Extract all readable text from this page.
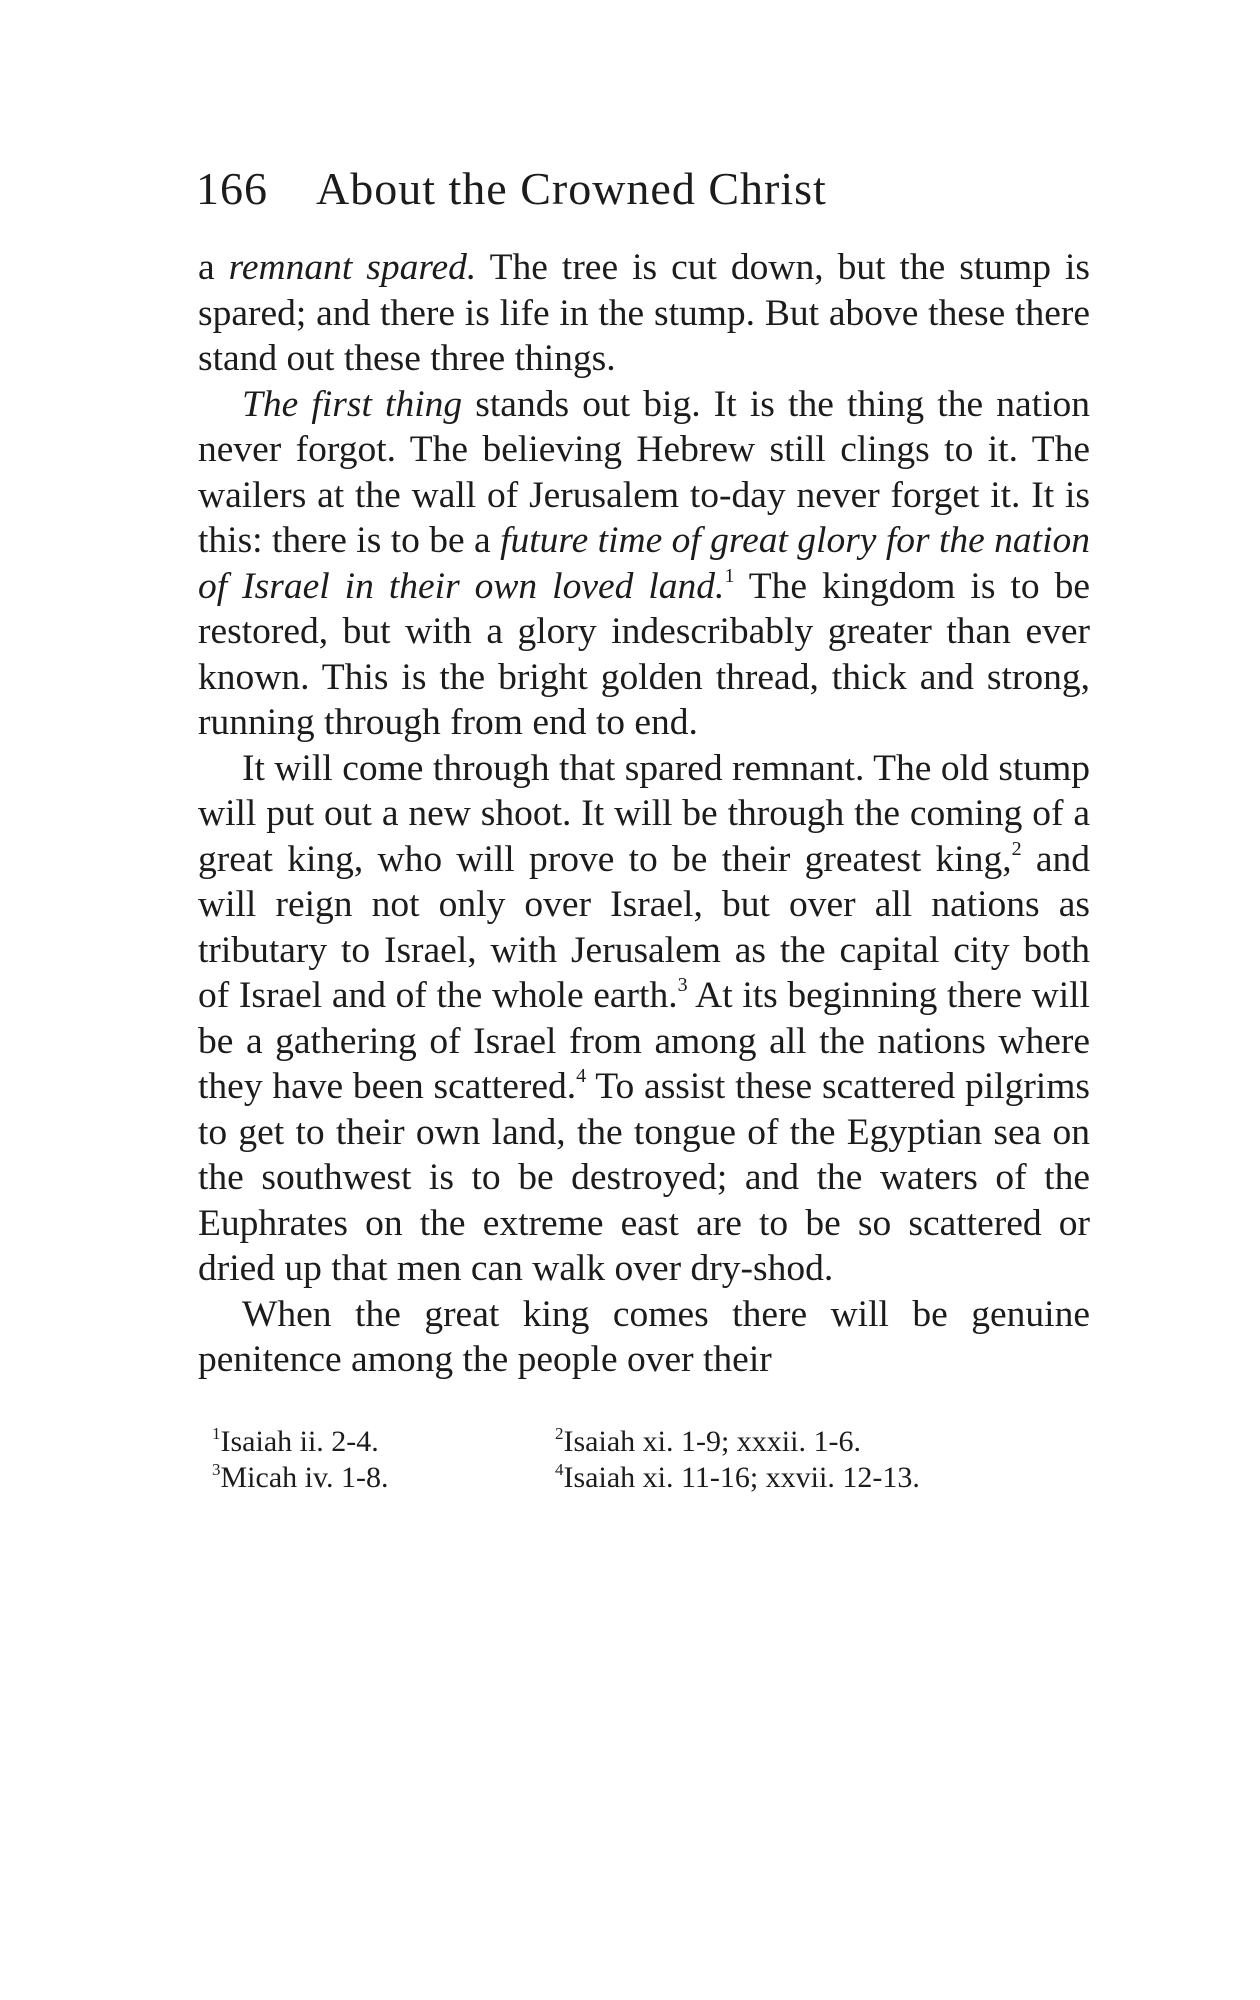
166 About the Crowned Christ

a remnant spared. The tree is cut down, but the stump is spared; and there is life in the stump. But above these there stand out these three things.

The first thing stands out big. It is the thing the nation never forgot. The believing Hebrew still clings to it. The wailers at the wall of Jerusalem to-day never forget it. It is this: there is to be a future time of great glory for the nation of Israel in their own loved land.$^1$ The kingdom is to be restored, but with a glory indescribably greater than ever known. This is the bright golden thread, thick and strong, running through from end to end.

It will come through that spared remnant. The old stump will put out a new shoot. It will be through the coming of a great king, who will prove to be their greatest king,$^2$ and will reign not only over Israel, but over all nations as tributary to Israel, with Jerusalem as the capital city both of Israel and of the whole earth.$^3$ At its beginning there will be a gathering of Israel from among all the nations where they have been scattered.$^4$ To assist these scattered pilgrims to get to their own land, the tongue of the Egyptian sea on the southwest is to be destroyed; and the waters of the Euphrates on the extreme east are to be so scattered or dried up that men can walk over dry-shod.

When the great king comes there will be genuine penitence among the people over their

$^1$Isaiah ii. 2-4.	$^2$Isaiah xi. 1-9; xxxii. 1-6.
$^3$Micah iv. 1-8.	$^4$Isaiah xi. 11-16; xxvii. 12-13.
